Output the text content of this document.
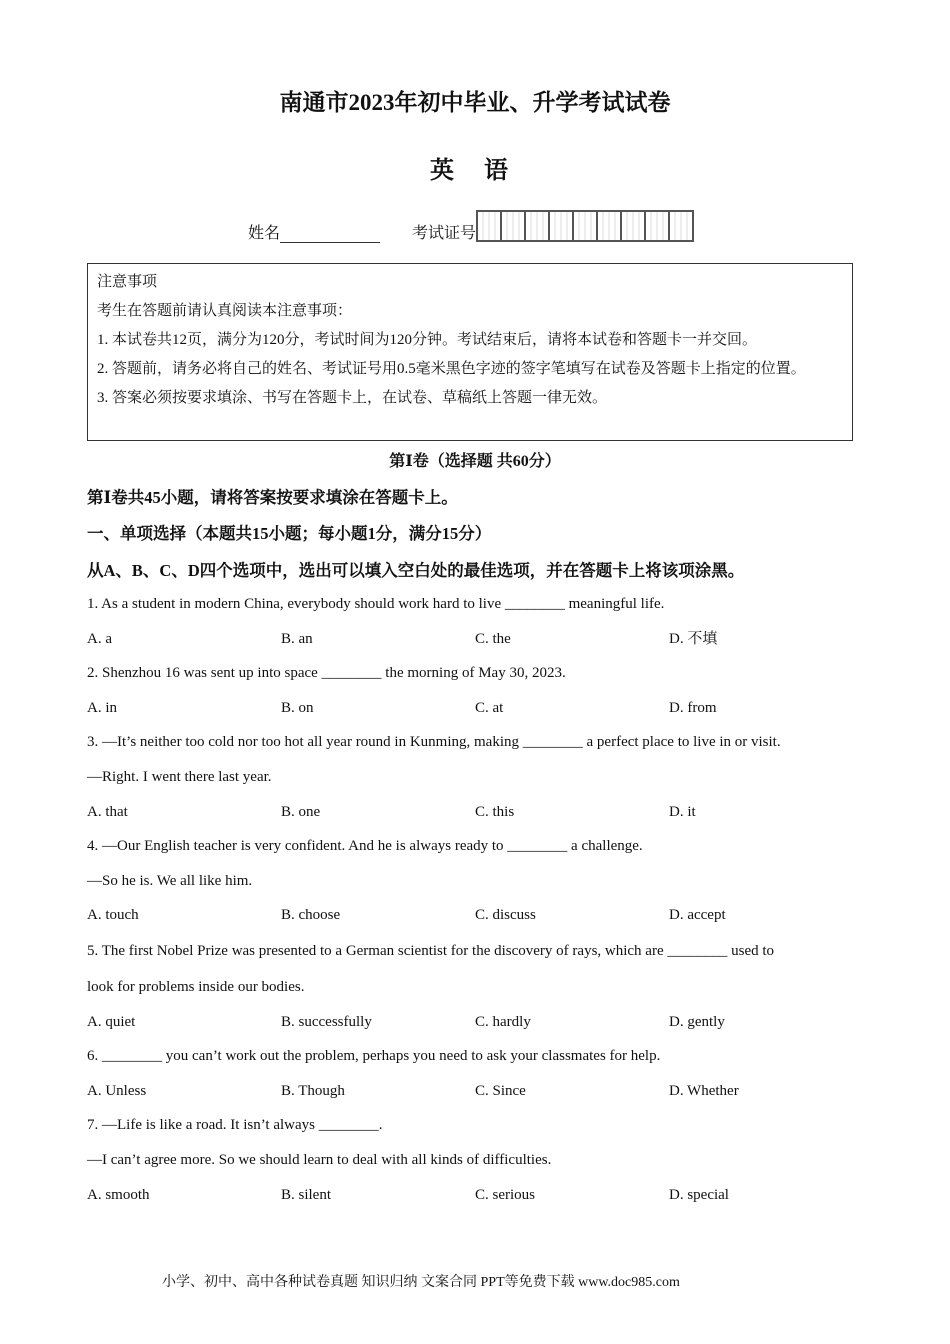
南通市2023年初中毕业、升学考试试卷
英 语
姓名	考试证号
注意事项
考生在答题前请认真阅读本注意事项：
1. 本试卷共12页，满分为120分，考试时间为120分钟。考试结束后，请将本试卷和答题卡一并交回。
2. 答题前，请务必将自己的姓名、考试证号用0.5毫米黑色字迹的签字笔填写在试卷及答题卡上指定的位置。
3. 答案必须按要求填涂、书写在答题卡上，在试卷、草稿纸上答题一律无效。
第Ⅰ卷（选择题 共60分）
第Ⅰ卷共45小题，请将答案按要求填涂在答题卡上。
一、单项选择（本题共15小题；每小题1分，满分15分）
从A、B、C、D四个选项中，选出可以填入空白处的最佳选项，并在答题卡上将该项涂黑。
1. As a student in modern China, everybody should work hard to live ________ meaningful life.
A. a	B. an	C. the	D. 不填
2. Shenzhou 16 was sent up into space ________ the morning of May 30, 2023.
A. in	B. on	C. at	D. from
3. —It’s neither too cold nor too hot all year round in Kunming, making ________ a perfect place to live in or visit.
—Right. I went there last year.
A. that	B. one	C. this	D. it
4. —Our English teacher is very confident. And he is always ready to ________ a challenge.
—So he is. We all like him.
A. touch	B. choose	C. discuss	D. accept
5. The first Nobel Prize was presented to a German scientist for the discovery of rays, which are ________ used to
look for problems inside our bodies.
A. quiet	B. successfully	C. hardly	D. gently
6. ________ you can’t work out the problem, perhaps you need to ask your classmates for help.
A. Unless	B. Though	C. Since	D. Whether
7. —Life is like a road. It isn’t always ________.
—I can’t agree more. So we should learn to deal with all kinds of difficulties.
A. smooth	B. silent	C. serious	D. special
小学、初中、高中各种试卷真题 知识归纳 文案合同 PPT等免费下载 www.doc985.com
